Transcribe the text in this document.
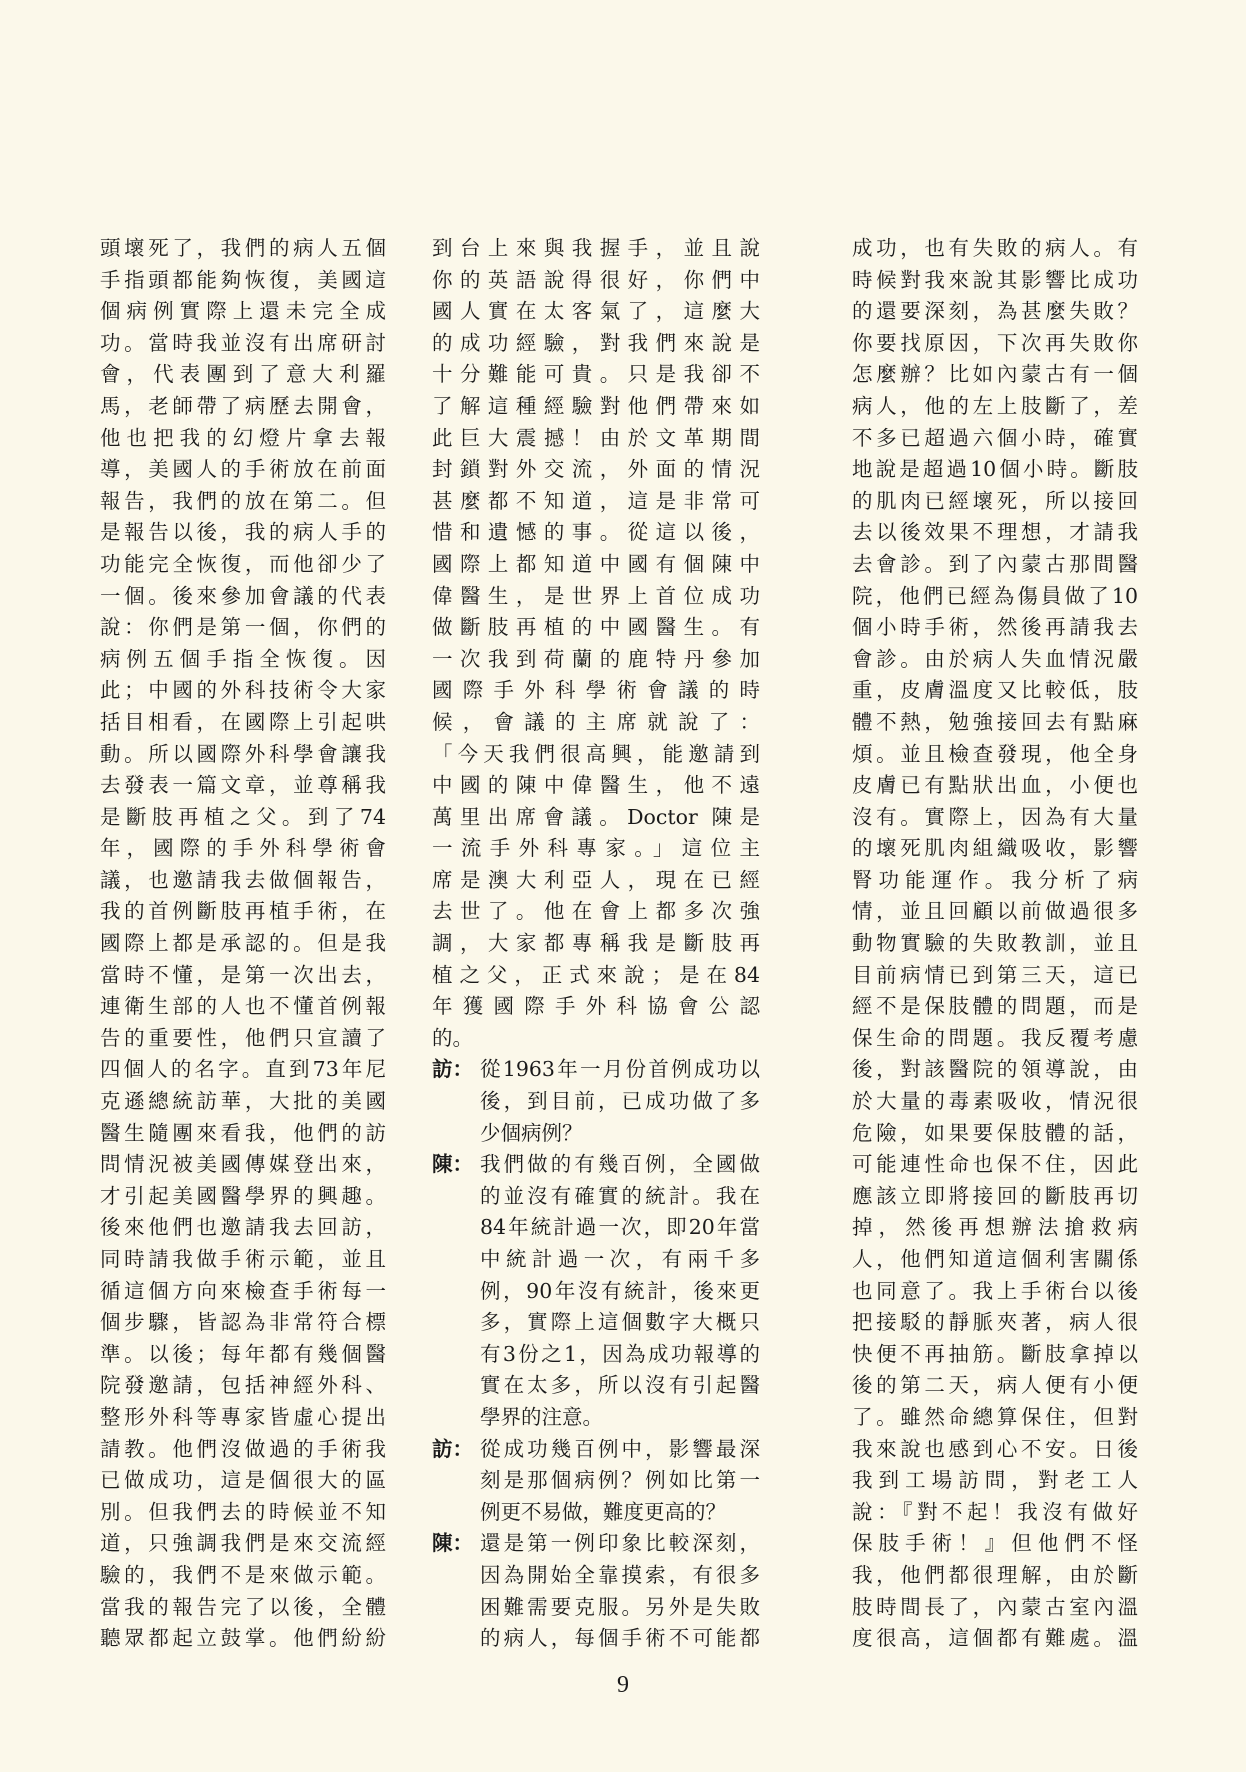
頭壞死了，我們的病人五個
手指頭都能夠恢復，美國這
個病例實際上還未完全成
功。當時我並沒有出席研討
會，代表團到了意大利羅
馬，老師帶了病歷去開會，
他也把我的幻燈片拿去報
導，美國人的手術放在前面
報告，我們的放在第二。但
是報告以後，我的病人手的
功能完全恢復，而他卻少了
一個。後來參加會議的代表
說：你們是第一個，你們的
病例五個手指全恢復。因
此；中國的外科技術令大家
括目相看，在國際上引起哄
動。所以國際外科學會讓我
去發表一篇文章，並尊稱我
是斷肢再植之父。到了74
年，國際的手外科學術會
議，也邀請我去做個報告，
我的首例斷肢再植手術，在
國際上都是承認的。但是我
當時不懂，是第一次出去，
連衛生部的人也不懂首例報
告的重要性，他們只宣讀了
四個人的名字。直到73年尼
克遜總統訪華，大批的美國
醫生隨團來看我，他們的訪
問情況被美國傳媒登出來，
才引起美國醫學界的興趣。
後來他們也邀請我去回訪，
同時請我做手術示範，並且
循這個方向來檢查手術每一
個步驟，皆認為非常符合標
準。以後；每年都有幾個醫
院發邀請，包括神經外科、
整形外科等專家皆虛心提出
請教。他們沒做過的手術我
已做成功，這是個很大的區
別。但我們去的時候並不知
道，只強調我們是來交流經
驗的，我們不是來做示範。
當我的報告完了以後，全體
聽眾都起立鼓掌。他們紛紛
到台上來與我握手，並且說
你的英語說得很好，你們中
國人實在太客氣了，這麼大
的成功經驗，對我們來說是
十分難能可貴。只是我卻不
了解這種經驗對他們帶來如
此巨大震撼！由於文革期間
封鎖對外交流，外面的情況
甚麼都不知道，這是非常可
惜和遺憾的事。從這以後，
國際上都知道中國有個陳中
偉醫生，是世界上首位成功
做斷肢再植的中國醫生。有
一次我到荷蘭的鹿特丹參加
國際手外科學術會議的時
候，會議的主席就說了：
「今天我們很高興，能邀請到
中國的陳中偉醫生，他不遠
萬里出席會議。Doctor 陳是
一流手外科專家。」這位主
席是澳大利亞人，現在已經
去世了。他在會上都多次強
調，大家都專稱我是斷肢再
植之父，正式來說；是在84
年獲國際手外科協會公認
的。
訪： 從1963年一月份首例成功以
後，到目前，已成功做了多
少個病例？
陳： 我們做的有幾百例，全國做
的並沒有確實的統計。我在
84年統計過一次，即20年當
中統計過一次，有兩千多
例，90年沒有統計，後來更
多，實際上這個數字大概只
有3份之1，因為成功報導的
實在太多，所以沒有引起醫
學界的注意。
訪： 從成功幾百例中，影響最深
刻是那個病例？例如比第一
例更不易做，難度更高的？
陳： 還是第一例印象比較深刻，
因為開始全靠摸索，有很多
困難需要克服。另外是失敗
的病人，每個手術不可能都
成功，也有失敗的病人。有
時候對我來說其影響比成功
的還要深刻，為甚麼失敗？
你要找原因，下次再失敗你
怎麼辦？比如內蒙古有一個
病人，他的左上肢斷了，差
不多已超過六個小時，確實
地說是超過10個小時。斷肢
的肌肉已經壞死，所以接回
去以後效果不理想，才請我
去會診。到了內蒙古那間醫
院，他們已經為傷員做了10
個小時手術，然後再請我去
會診。由於病人失血情況嚴
重，皮膚溫度又比較低，肢
體不熱，勉強接回去有點麻
煩。並且檢查發現，他全身
皮膚已有點狀出血，小便也
沒有。實際上，因為有大量
的壞死肌肉組織吸收，影響
腎功能運作。我分析了病
情，並且回顧以前做過很多
動物實驗的失敗教訓，並且
目前病情已到第三天，這已
經不是保肢體的問題，而是
保生命的問題。我反覆考慮
後，對該醫院的領導說，由
於大量的毒素吸收，情況很
危險，如果要保肢體的話，
可能連性命也保不住，因此
應該立即將接回的斷肢再切
掉，然後再想辦法搶救病
人，他們知道這個利害關係
也同意了。我上手術台以後
把接駁的靜脈夾著，病人很
快便不再抽筋。斷肢拿掉以
後的第二天，病人便有小便
了。雖然命總算保住，但對
我來說也感到心不安。日後
我到工場訪問，對老工人
說：『對不起！我沒有做好
保肢手術！』但他們不怪
我，他們都很理解，由於斷
肢時間長了，內蒙古室內溫
度很高，這個都有難處。溫
9
